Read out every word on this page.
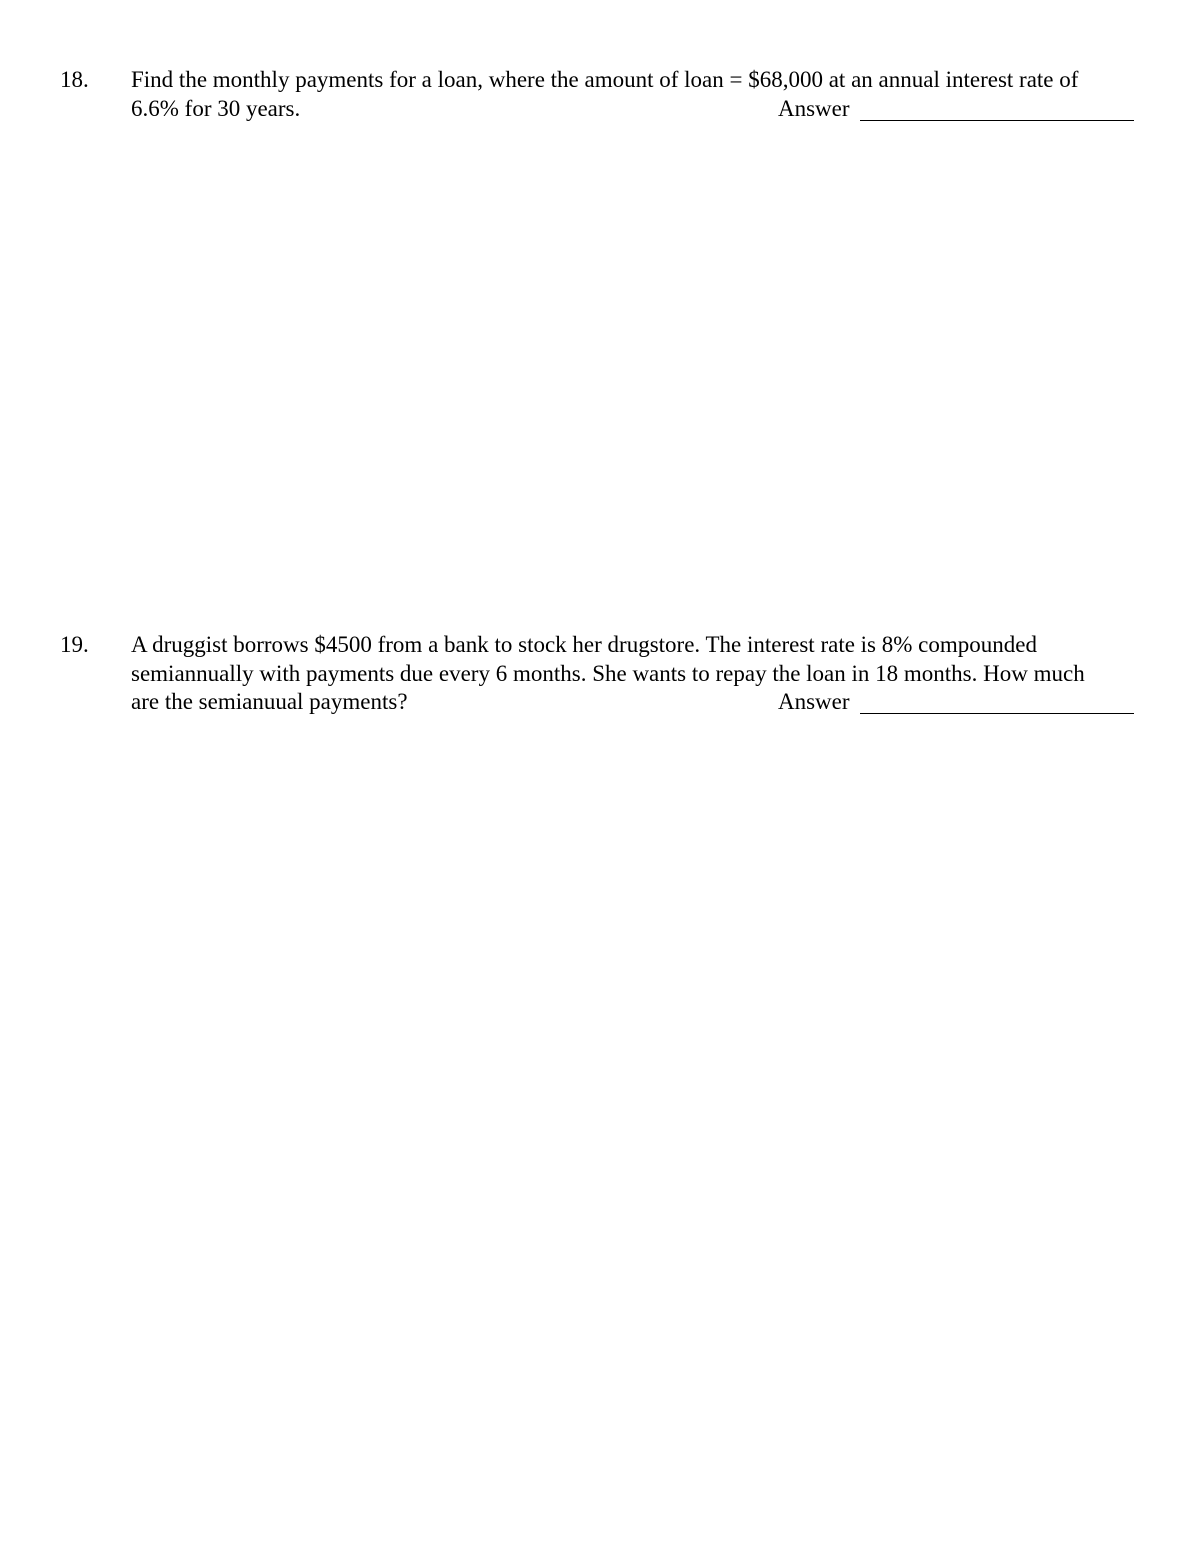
18. Find the monthly payments for a loan, where the amount of loan = $68,000 at an annual interest rate of
6.6% for 30 years.	Answer
19. A druggist borrows $4500 from a bank to stock her drugstore. The interest rate is 8% compounded
semiannually with payments due every 6 months. She wants to repay the loan in 18 months. How much
are the semianuual payments?	Answer
